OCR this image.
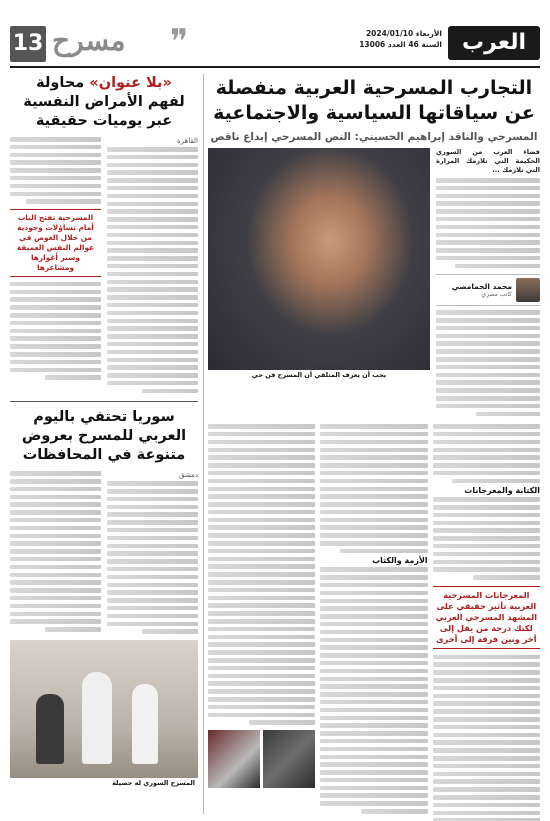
العرب
الأربعاء 2024/01/10
السنة 46 العدد 13006
❞
مسرح
13
التجارب المسرحية العربية منفصلة
عن سياقاتها السياسية والاجتماعية
المسرحي والناقد إبراهيم الحسيني: النص المسرحي إبداع ناقص
فضاء العرب من السوري الحكيمة التي تلازمك المرارة التي تلازمك ...
محمد الحمامصي
كاتب مصري
يجب أن يعرف المتلقي أن المسرح فن حي
الكتابة والمعرجانات
المعرجانات المسرحية العربية تأثير حقيقي على المشهد المسرحي العربي لكنك درجة من يقل إلى أخر وبين فرقة إلى أخرى
الأزمة والكتاب
«بلا عنوان» محاولة
لفهم الأمراض النفسية
عبر يوميات حقيقية
القاهرة
المسرحية تفتح الباب أمام تساؤلات وجودية من خلال الغوص في عوالم النفس العميقة وسبر أغوارها ومشاعرها
سوريا تحتفي باليوم
العربي للمسرح بعروض
متنوعة في المحافظات
دمشق
المسرح السوري له حصيلة
